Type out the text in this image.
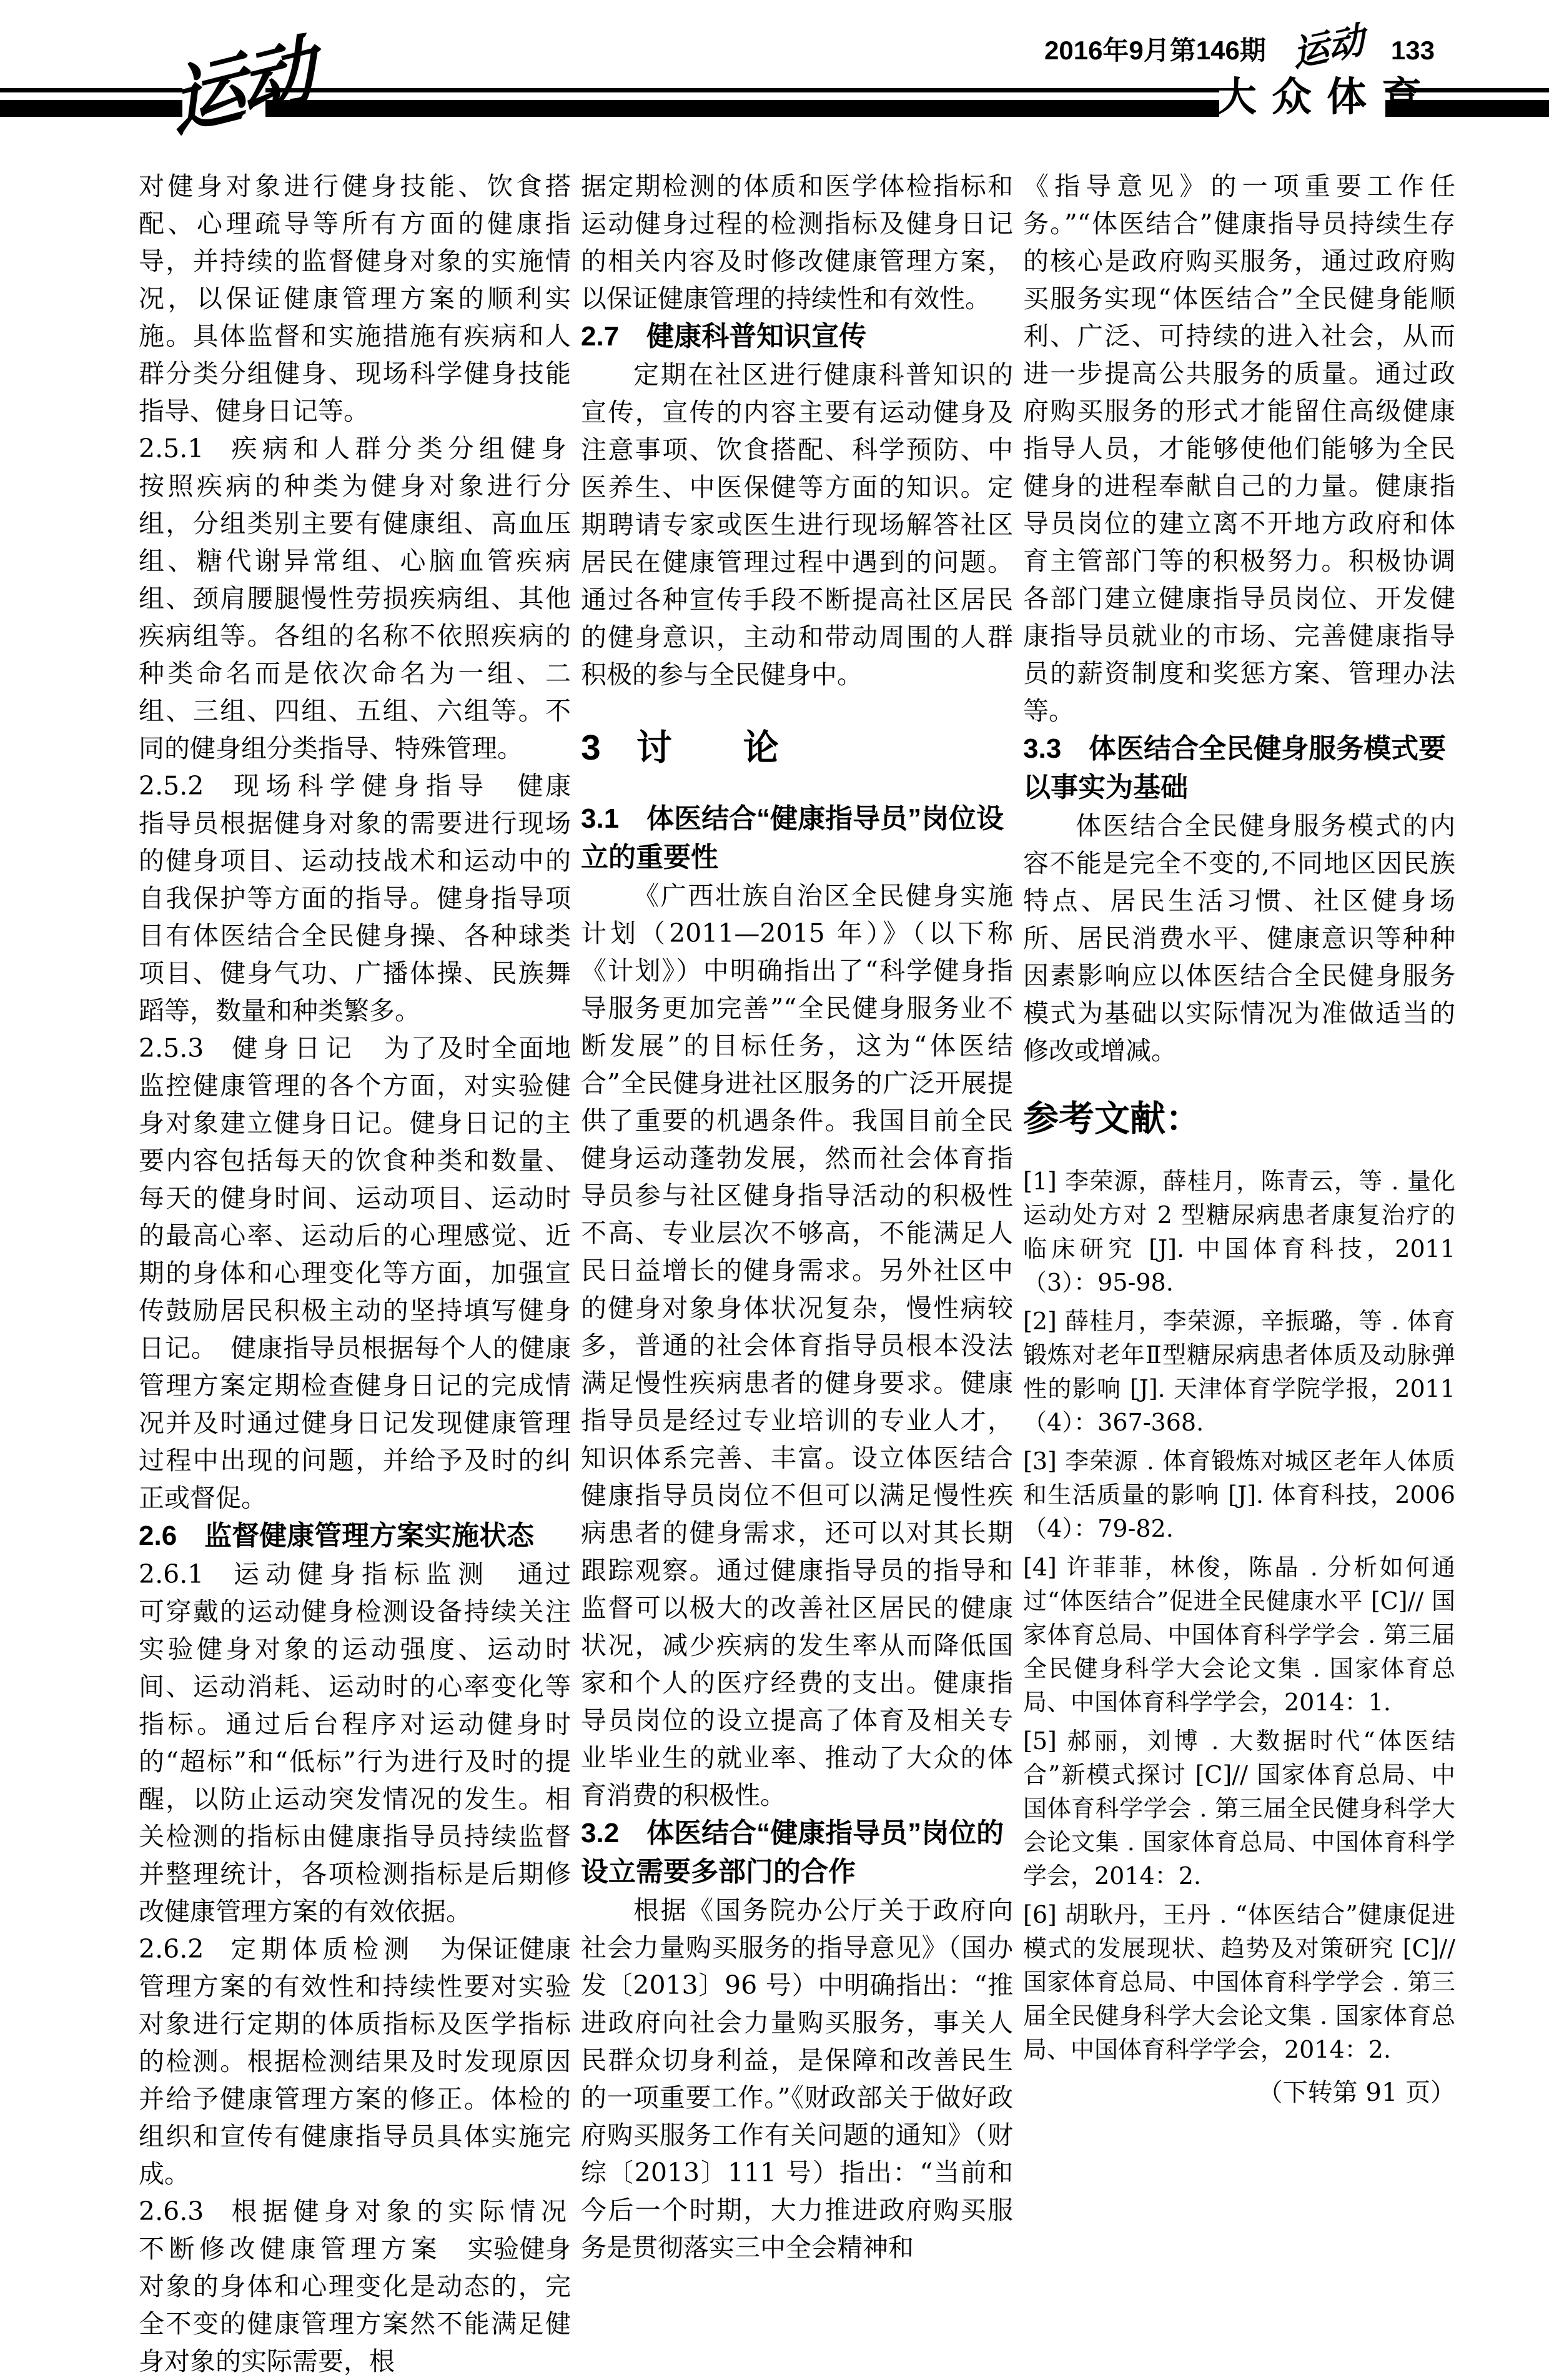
2016年9月第146期 运动 133
运动	大众体育

对健身对象进行健身技能、饮食搭配、心理疏导等所有方面的健康指导，并持续的监督健身对象的实施情况，以保证健康管理方案的顺利实施。具体监督和实施措施有疾病和人群分类分组健身、现场科学健身技能指导、健身日记等。

2.5.1　 疾病和人群分类分组健身　按照疾病的种类为健身对象进行分组，分组类别主要有健康组、高血压组、糖代谢异常组、心脑血管疾病组、颈肩腰腿慢性劳损疾病组、其他疾病组等。各组的名称不依照疾病的种类命名而是依次命名为一组、二组、三组、四组、五组、六组等。不同的健身组分类指导、特殊管理。

2.5.2　 现场科学健身指导　 健康指导员根据健身对象的需要进行现场的健身项目、运动技战术和运动中的自我保护等方面的指导。健身指导项目有体医结合全民健身操、各种球类项目、健身气功、广播体操、民族舞蹈等，数量和种类繁多。

2.5.3　 健身日记　 为了及时全面地监控健康管理的各个方面，对实验健身对象建立健身日记。健身日记的主要内容包括每天的饮食种类和数量、每天的健身时间、运动项目、运动时的最高心率、运动后的心理感觉、近期的身体和心理变化等方面，加强宣传鼓励居民积极主动的坚持填写健身日记。　健康指导员根据每个人的健康管理方案定期检查健身日记的完成情况并及时通过健身日记发现健康管理过程中出现的问题，并给予及时的纠正或督促。

2.6　监督健康管理方案实施状态

2.6.1　 运动健身指标监测　 通过可穿戴的运动健身检测设备持续关注实验健身对象的运动强度、运动时间、运动消耗、运动时的心率变化等指标。通过后台程序对运动健身时的“超标”和“低标”行为进行及时的提醒，以防止运动突发情况的发生。相关检测的指标由健康指导员持续监督并整理统计，各项检测指标是后期修改健康管理方案的有效依据。

2.6.2　 定期体质检测　 为保证健康管理方案的有效性和持续性要对实验对象进行定期的体质指标及医学指标的检测。根据检测结果及时发现原因并给予健康管理方案的修正。体检的组织和宣传有健康指导员具体实施完成。

2.6.3　 根据健身对象的实际情况不断修改健康管理方案　 实验健身对象的身体和心理变化是动态的，完全不变的健康管理方案然不能满足健身对象的实际需要，根

据定期检测的体质和医学体检指标和运动健身过程的检测指标及健身日记的相关内容及时修改健康管理方案，以保证健康管理的持续性和有效性。

2.7　健康科普知识宣传

定期在社区进行健康科普知识的宣传，宣传的内容主要有运动健身及注意事项、饮食搭配、科学预防、中医养生、中医保健等方面的知识。定期聘请专家或医生进行现场解答社区居民在健康管理过程中遇到的问题。通过各种宣传手段不断提高社区居民的健身意识，主动和带动周围的人群积极的参与全民健身中。

3　讨　　论

3.1　体医结合“健康指导员”岗位设立的重要性

《广西壮族自治区全民健身实施计划（2011—2015 年）》（以下称《计划》）中明确指出了“科学健身指导服务更加完善”“全民健身服务业不断发展”的目标任务，这为“体医结合”全民健身进社区服务的广泛开展提供了重要的机遇条件。我国目前全民健身运动蓬勃发展，然而社会体育指导员参与社区健身指导活动的积极性不高、专业层次不够高，不能满足人民日益增长的健身需求。另外社区中的健身对象身体状况复杂，慢性病较多，普通的社会体育指导员根本没法满足慢性疾病患者的健身要求。健康指导员是经过专业培训的专业人才，知识体系完善、丰富。设立体医结合健康指导员岗位不但可以满足慢性疾病患者的健身需求，还可以对其长期跟踪观察。通过健康指导员的指导和监督可以极大的改善社区居民的健康状况，减少疾病的发生率从而降低国家和个人的医疗经费的支出。健康指导员岗位的设立提高了体育及相关专业毕业生的就业率、推动了大众的体育消费的积极性。

3.2　体医结合“健康指导员”岗位的设立需要多部门的合作

根据《国务院办公厅关于政府向社会力量购买服务的指导意见》（国办发〔2013〕96 号）中明确指出：“推进政府向社会力量购买服务，事关人民群众切身利益，是保障和改善民生的一项重要工作。”《财政部关于做好政府购买服务工作有关问题的通知》（财综〔2013〕111 号）指出：“当前和今后一个时期，大力推进政府购买服务是贯彻落实三中全会精神和

《指导意见》的一项重要工作任务。”“体医结合”健康指导员持续生存的核心是政府购买服务，通过政府购买服务实现“体医结合”全民健身能顺利、广泛、可持续的进入社会，从而进一步提高公共服务的质量。通过政府购买服务的形式才能留住高级健康指导人员，才能够使他们能够为全民健身的进程奉献自己的力量。健康指导员岗位的建立离不开地方政府和体育主管部门等的积极努力。积极协调各部门建立健康指导员岗位、开发健康指导员就业的市场、完善健康指导员的薪资制度和奖惩方案、管理办法等。

3.3　体医结合全民健身服务模式要以事实为基础

体医结合全民健身服务模式的内容不能是完全不变的,不同地区因民族特点、居民生活习惯、社区健身场所、居民消费水平、健康意识等种种因素影响应以体医结合全民健身服务模式为基础以实际情况为准做适当的修改或增减。

参考文献：

[1] 李荣源，薛桂月，陈青云，等 . 量化运动处方对 2 型糖尿病患者康复治疗的临床研究 [J]. 中国体育科技，2011（3）：95-98.

[2] 薛桂月，李荣源，辛振璐，等 . 体育锻炼对老年Ⅱ型糖尿病患者体质及动脉弹性的影响 [J]. 天津体育学院学报，2011（4）：367-368.

[3] 李荣源 . 体育锻炼对城区老年人体质和生活质量的影响 [J]. 体育科技，2006（4）：79-82.

[4] 许菲菲，林俊，陈晶 . 分析如何通过“体医结合”促进全民健康水平 [C]// 国家体育总局、中国体育科学学会 . 第三届全民健身科学大会论文集 . 国家体育总局、中国体育科学学会，2014：1.

[5] 郝丽，刘博 . 大数据时代“体医结合”新模式探讨 [C]// 国家体育总局、中国体育科学学会 . 第三届全民健身科学大会论文集 . 国家体育总局、中国体育科学学会，2014：2.

[6] 胡耿丹，王丹 . “体医结合”健康促进模式的发展现状、趋势及对策研究 [C]// 国家体育总局、中国体育科学学会 . 第三届全民健身科学大会论文集 . 国家体育总局、中国体育科学学会，2014：2.

（下转第 91 页）
